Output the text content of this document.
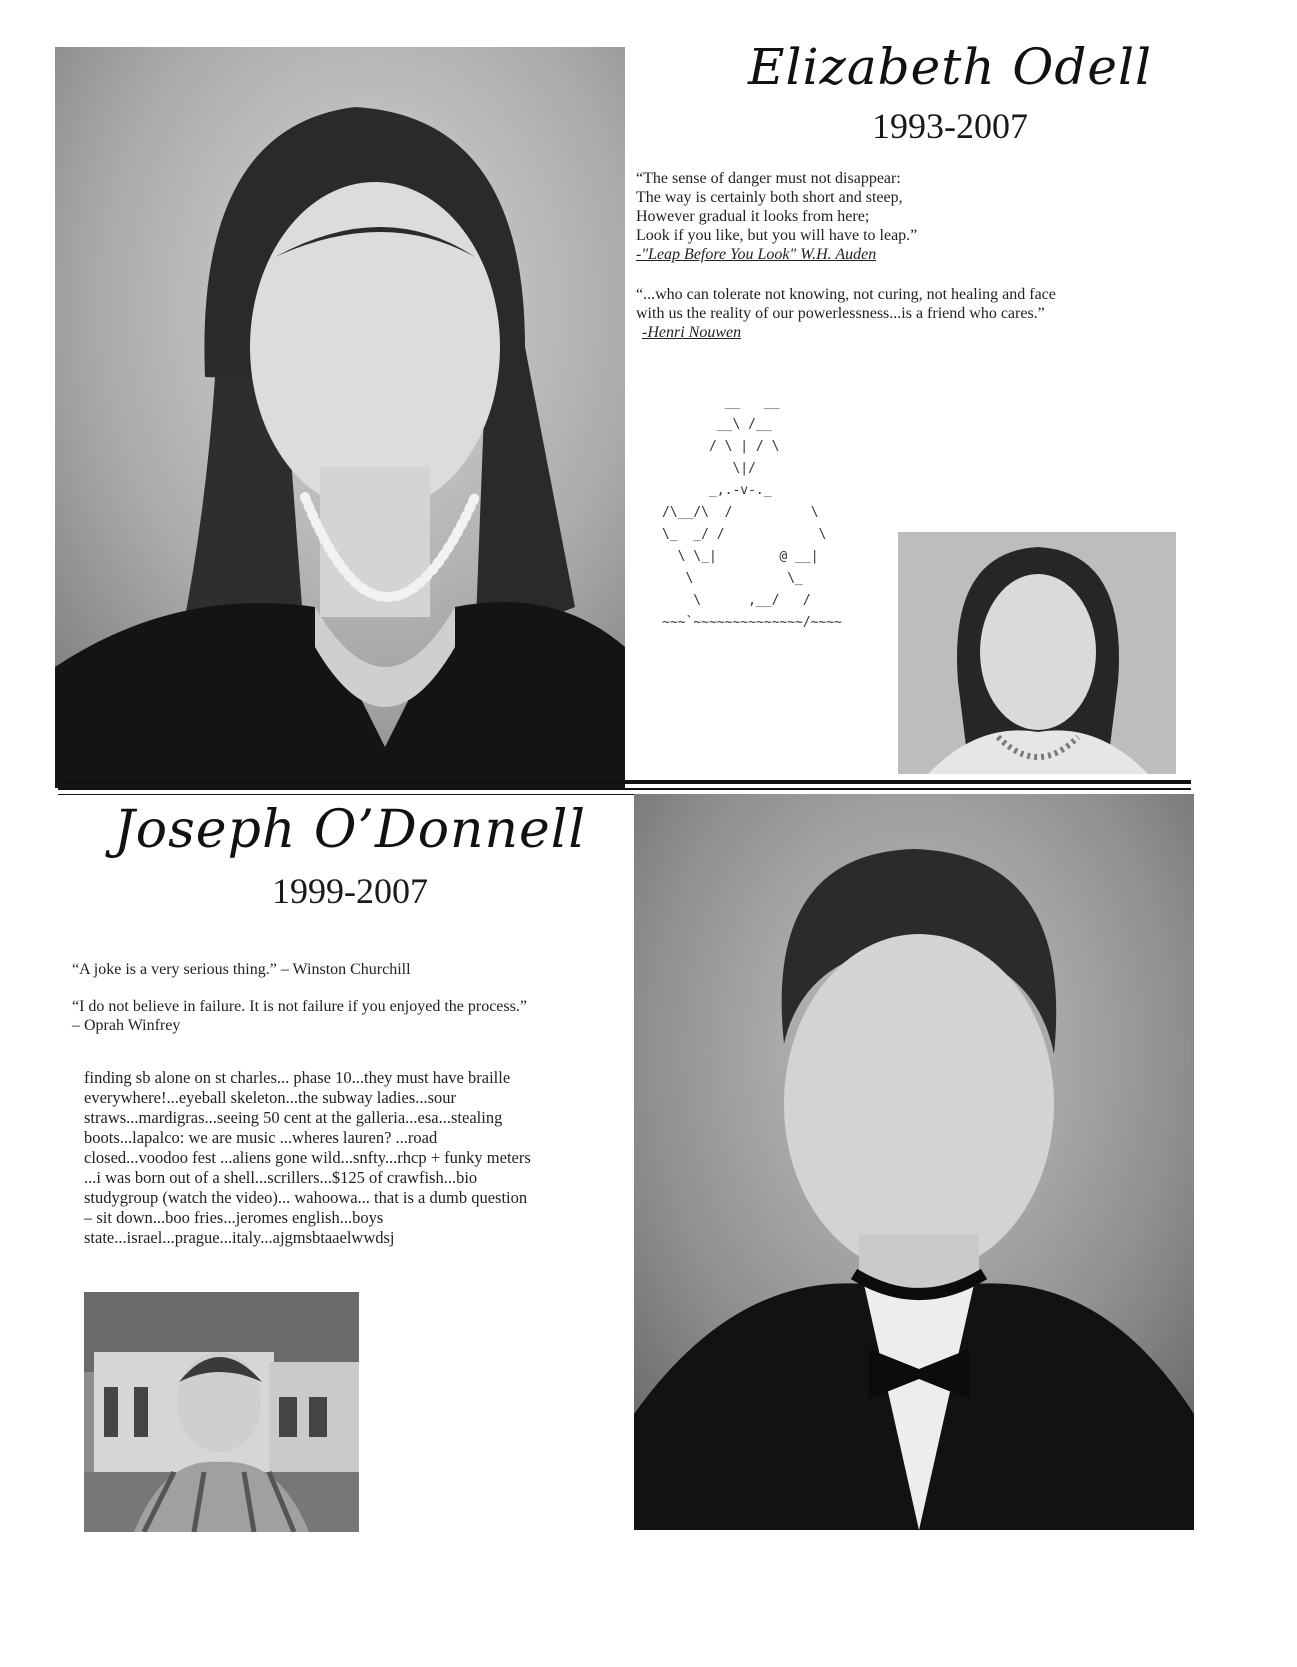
Elizabeth Odell
1993-2007
“The sense of danger must not disappear:
The way is certainly both short and steep,
However gradual it looks from here;
Look if you like, but you will have to leap.”
-"Leap Before You Look" W.H. Auden
“...who can tolerate not knowing, not curing, not healing and face
with us the reality of our powerlessness...is a friend who cares.”
-Henri Nouwen
__   __
__\ /__
/ \ | / \
\|/
_,.-v-._
/\__/\  /          \
\_  _/ /            \
\ \_|        @ __|
\            \_
\      ,__/   /
~~~`~~~~~~~~~~~~~~/~~~~
Joseph O’Donnell
1999-2007
“A joke is a very serious thing.” – Winston Churchill
“I do not believe in failure. It is not failure if you enjoyed the process.”
– Oprah Winfrey
finding sb alone on st charles... phase 10...they must have braille
everywhere!...eyeball skeleton...the subway ladies...sour
straws...mardigras...seeing 50 cent at the galleria...esa...stealing
boots...lapalco: we are music ...wheres lauren? ...road
closed...voodoo fest ...aliens gone wild...snfty...rhcp + funky meters
...i was born out of a shell...scrillers...$125 of crawfish...bio
studygroup (watch the video)... wahoowa... that is a dumb question
– sit down...boo fries...jeromes english...boys
state...israel...prague...italy...ajgmsbtaaelwwdsj
